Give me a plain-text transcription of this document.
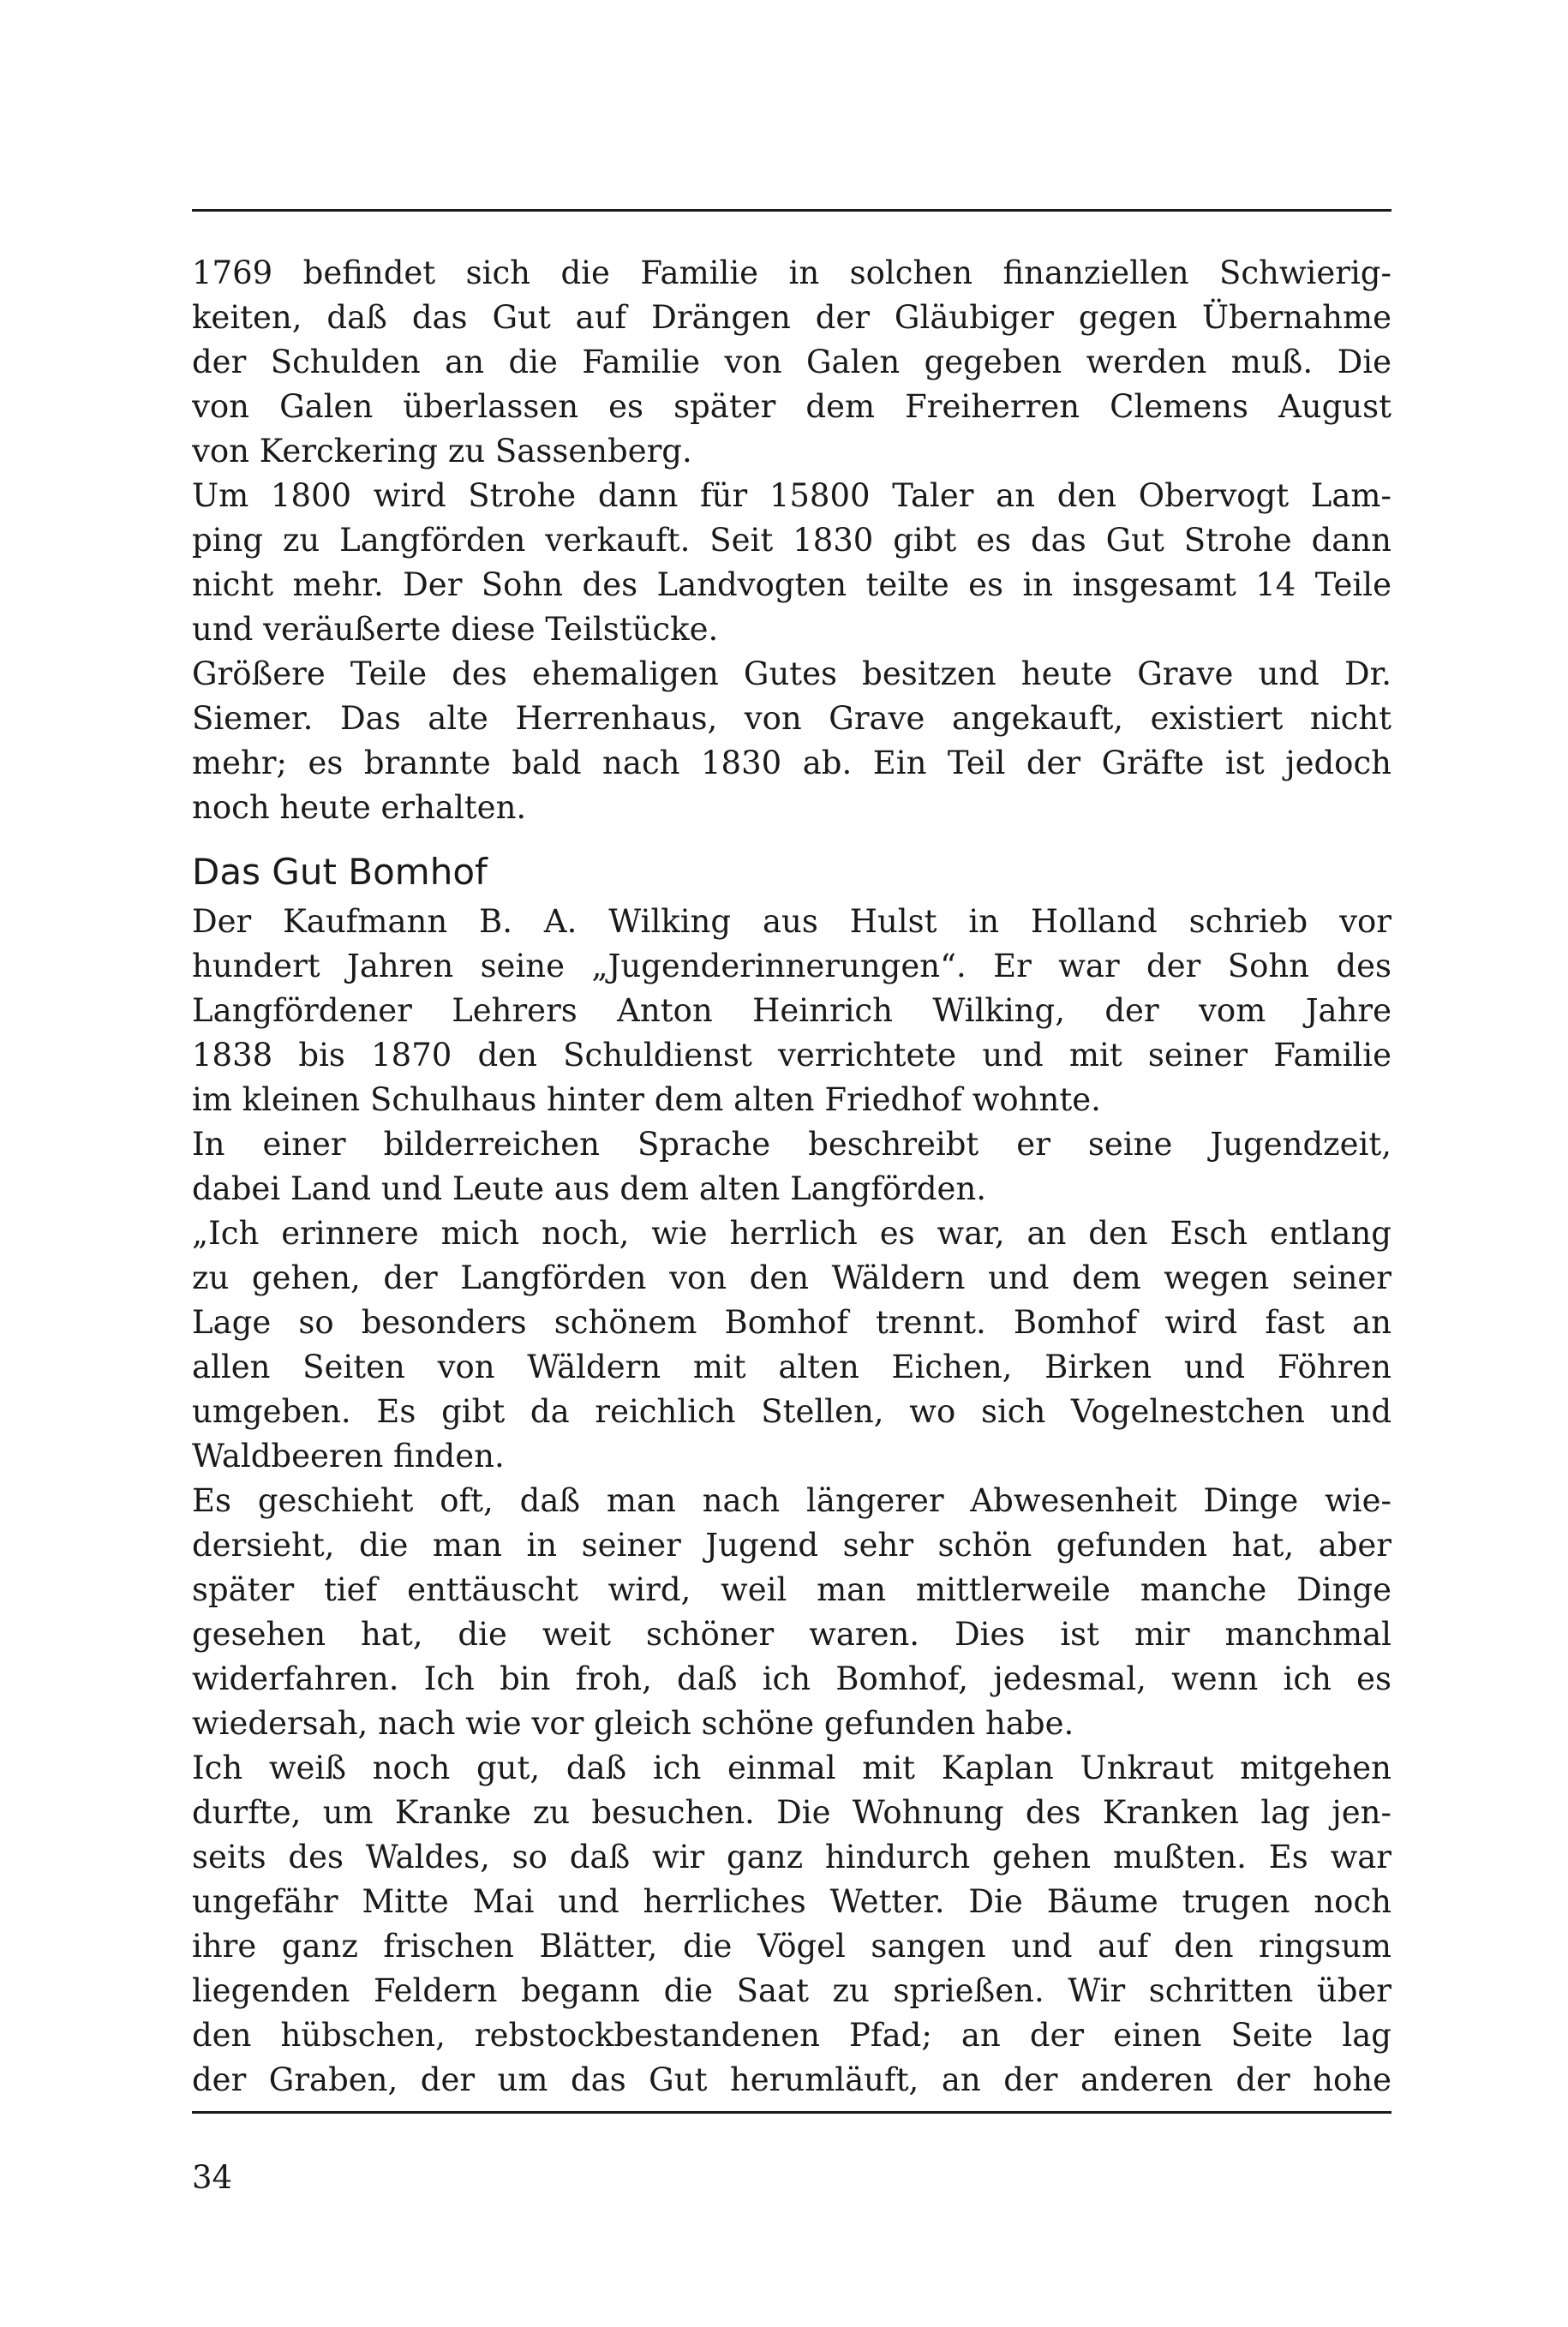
1769 befindet sich die Familie in solchen finanziellen Schwierig-
keiten, daß das Gut auf Drängen der Gläubiger gegen Übernahme
der Schulden an die Familie von Galen gegeben werden muß. Die
von Galen überlassen es später dem Freiherren Clemens August
von Kerckering zu Sassenberg.
Um 1800 wird Strohe dann für 15800 Taler an den Obervogt Lam-
ping zu Langförden verkauft. Seit 1830 gibt es das Gut Strohe dann
nicht mehr. Der Sohn des Landvogten teilte es in insgesamt 14 Teile
und veräußerte diese Teilstücke.
Größere Teile des ehemaligen Gutes besitzen heute Grave und Dr.
Siemer. Das alte Herrenhaus, von Grave angekauft, existiert nicht
mehr; es brannte bald nach 1830 ab. Ein Teil der Gräfte ist jedoch
noch heute erhalten.
Das Gut Bomhof
Der Kaufmann B. A. Wilking aus Hulst in Holland schrieb vor
hundert Jahren seine „Jugenderinnerungen“. Er war der Sohn des
Langfördener Lehrers Anton Heinrich Wilking, der vom Jahre
1838 bis 1870 den Schuldienst verrichtete und mit seiner Familie
im kleinen Schulhaus hinter dem alten Friedhof wohnte.
In einer bilderreichen Sprache beschreibt er seine Jugendzeit,
dabei Land und Leute aus dem alten Langförden.
„Ich erinnere mich noch, wie herrlich es war, an den Esch entlang
zu gehen, der Langförden von den Wäldern und dem wegen seiner
Lage so besonders schönem Bomhof trennt. Bomhof wird fast an
allen Seiten von Wäldern mit alten Eichen, Birken und Föhren
umgeben. Es gibt da reichlich Stellen, wo sich Vogelnestchen und
Waldbeeren finden.
Es geschieht oft, daß man nach längerer Abwesenheit Dinge wie-
dersieht, die man in seiner Jugend sehr schön gefunden hat, aber
später tief enttäuscht wird, weil man mittlerweile manche Dinge
gesehen hat, die weit schöner waren. Dies ist mir manchmal
widerfahren. Ich bin froh, daß ich Bomhof, jedesmal, wenn ich es
wiedersah, nach wie vor gleich schöne gefunden habe.
Ich weiß noch gut, daß ich einmal mit Kaplan Unkraut mitgehen
durfte, um Kranke zu besuchen. Die Wohnung des Kranken lag jen-
seits des Waldes, so daß wir ganz hindurch gehen mußten. Es war
ungefähr Mitte Mai und herrliches Wetter. Die Bäume trugen noch
ihre ganz frischen Blätter, die Vögel sangen und auf den ringsum
liegenden Feldern begann die Saat zu sprießen. Wir schritten über
den hübschen, rebstockbestandenen Pfad; an der einen Seite lag
der Graben, der um das Gut herumläuft, an der anderen der hohe
34
